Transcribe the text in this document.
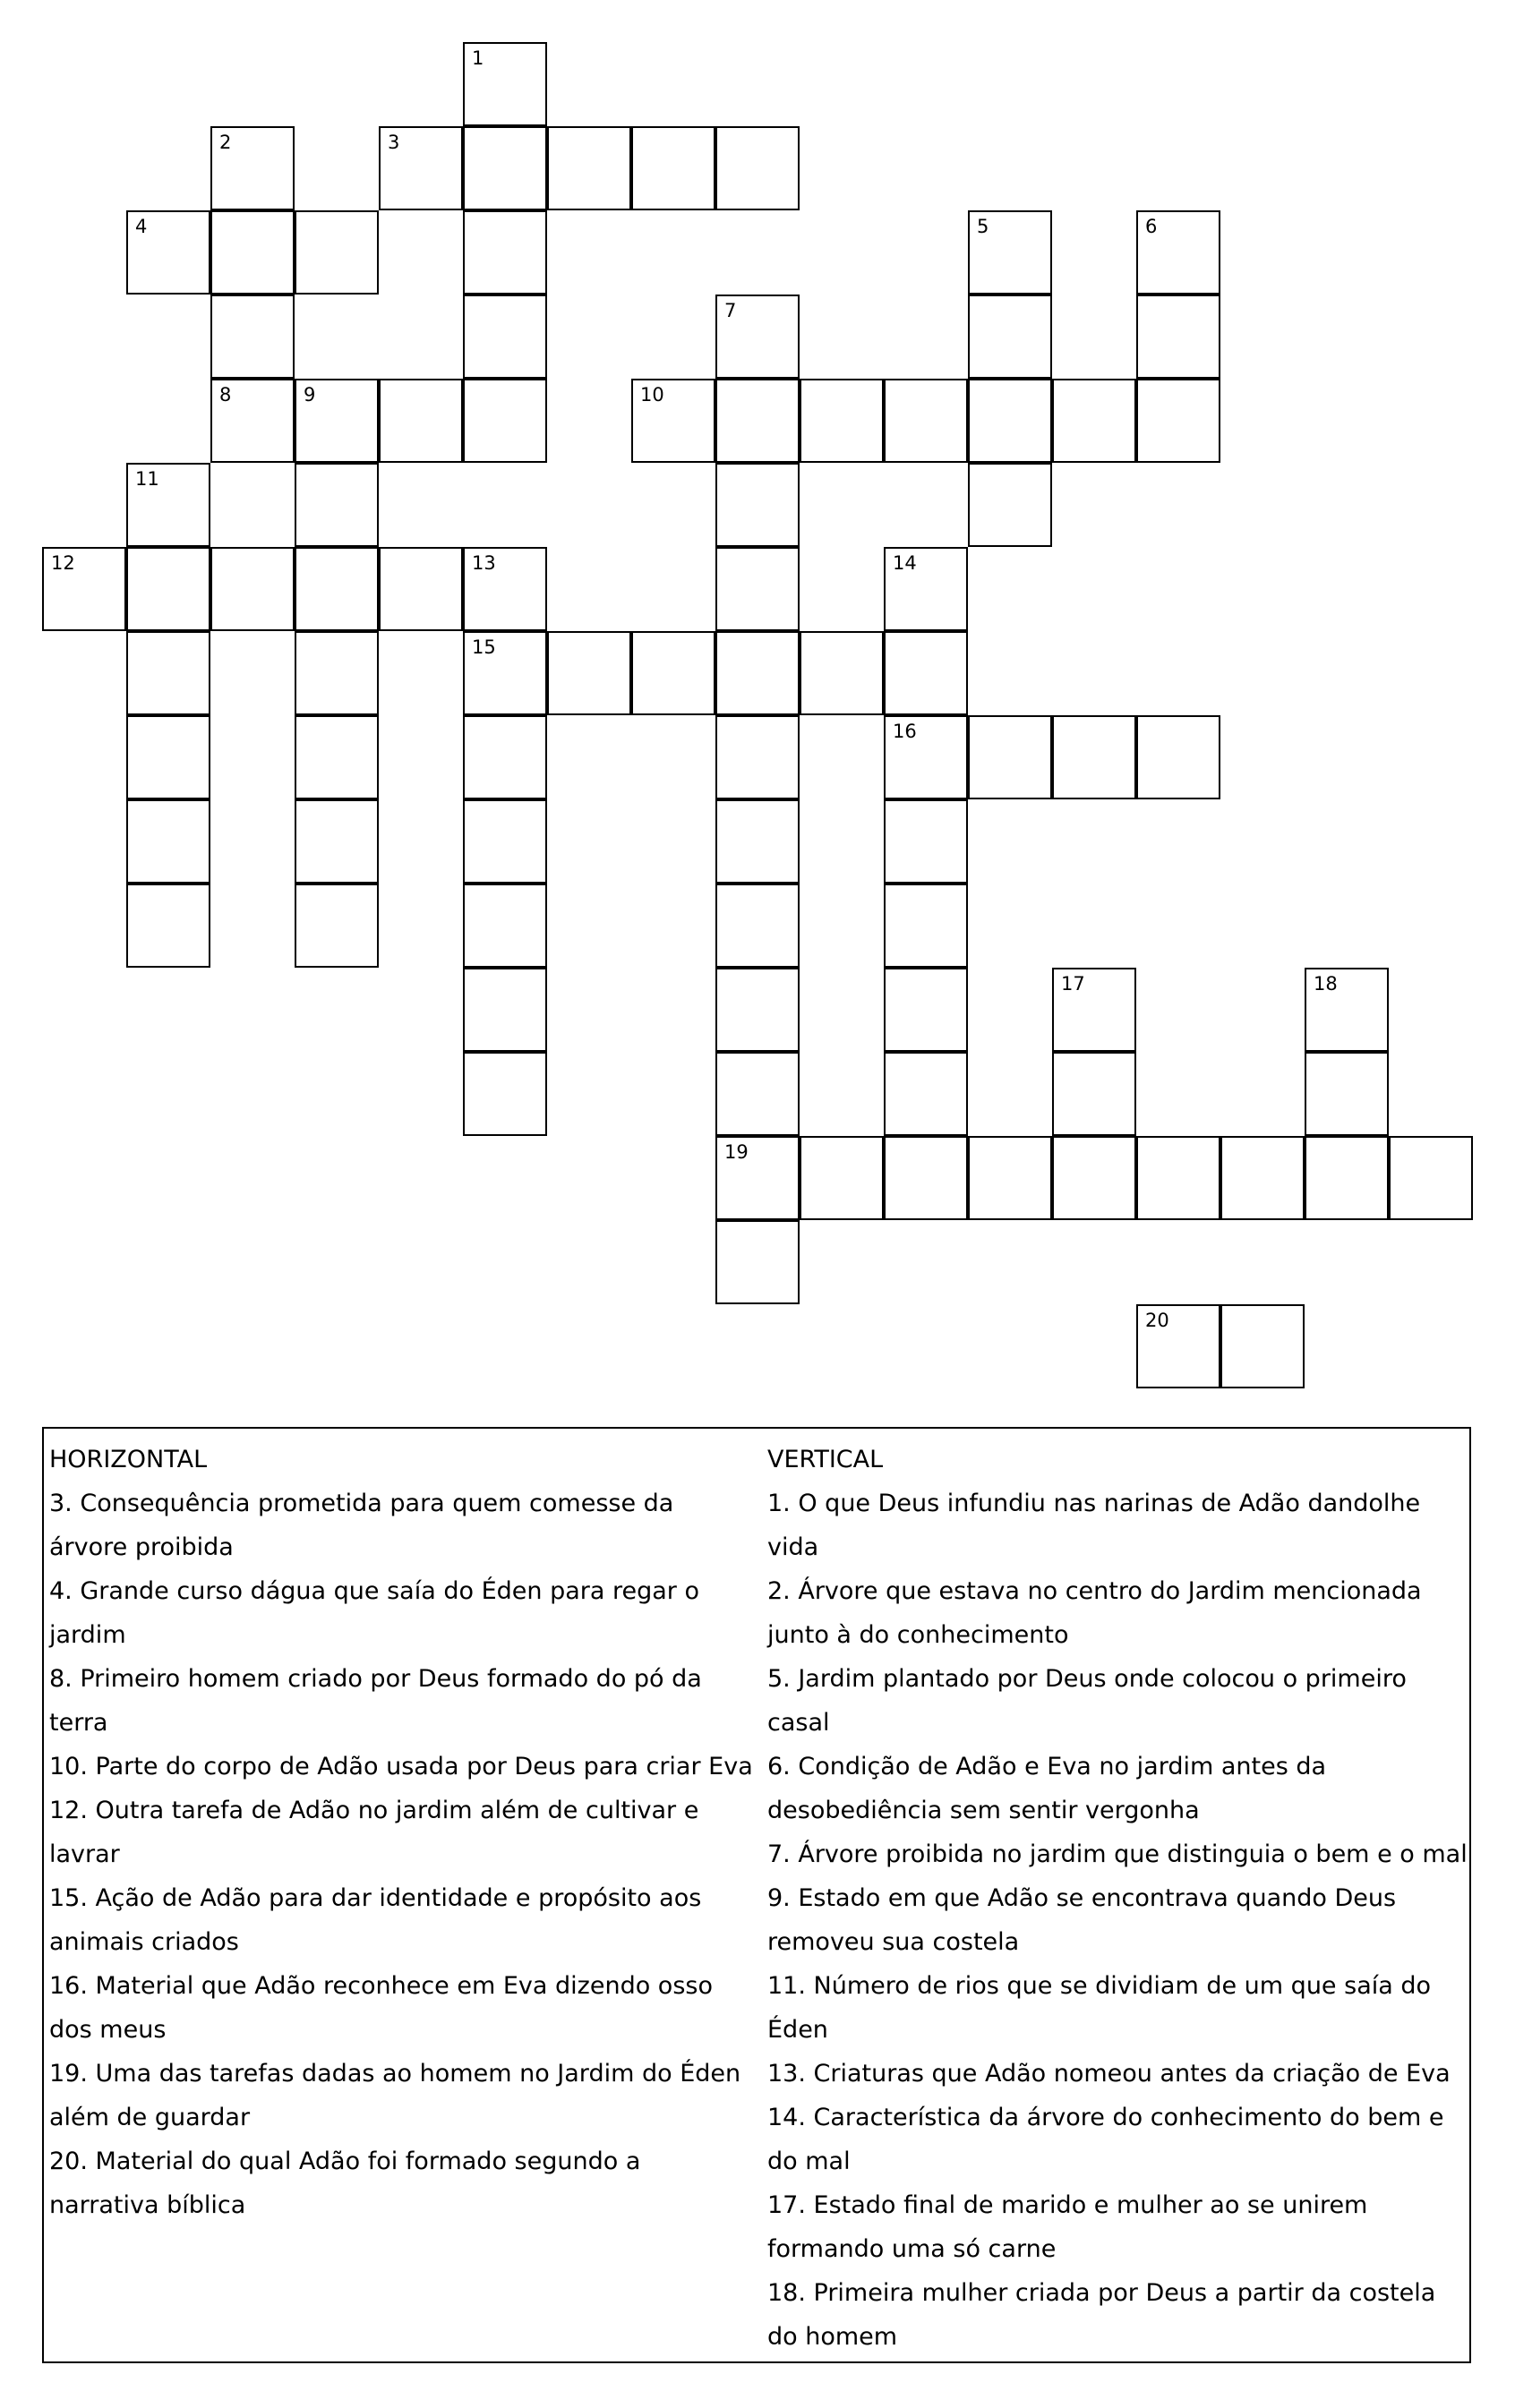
1
2
8
3
4	5	6
7
19
9	10
11
12	13
15
14
16
17	18
20

HORIZONTAL

3. Consequência prometida para quem comesse da árvore proibida

4. Grande curso dágua que saía do Éden para regar o jardim

8. Primeiro homem criado por Deus formado do pó da terra

10. Parte do corpo de Adão usada por Deus para criar Eva

12. Outra tarefa de Adão no jardim além de cultivar e lavrar

15. Ação de Adão para dar identidade e propósito aos animais criados

16. Material que Adão reconhece em Eva dizendo osso dos meus

19. Uma das tarefas dadas ao homem no Jardim do Éden além de guardar

20. Material do qual Adão foi formado segundo a narrativa bíblica

VERTICAL

1. O que Deus infundiu nas narinas de Adão dandolhe vida

2. Árvore que estava no centro do Jardim mencionada junto à do conhecimento

5. Jardim plantado por Deus onde colocou o primeiro casal

6. Condição de Adão e Eva no jardim antes da desobediência sem sentir vergonha

7. Árvore proibida no jardim que distinguia o bem e o mal

9. Estado em que Adão se encontrava quando Deus removeu sua costela

11. Número de rios que se dividiam de um que saía do Éden

13. Criaturas que Adão nomeou antes da criação de Eva

14. Característica da árvore do conhecimento do bem e do mal

17. Estado final de marido e mulher ao se unirem formando uma só carne

18. Primeira mulher criada por Deus a partir da costela do homem
